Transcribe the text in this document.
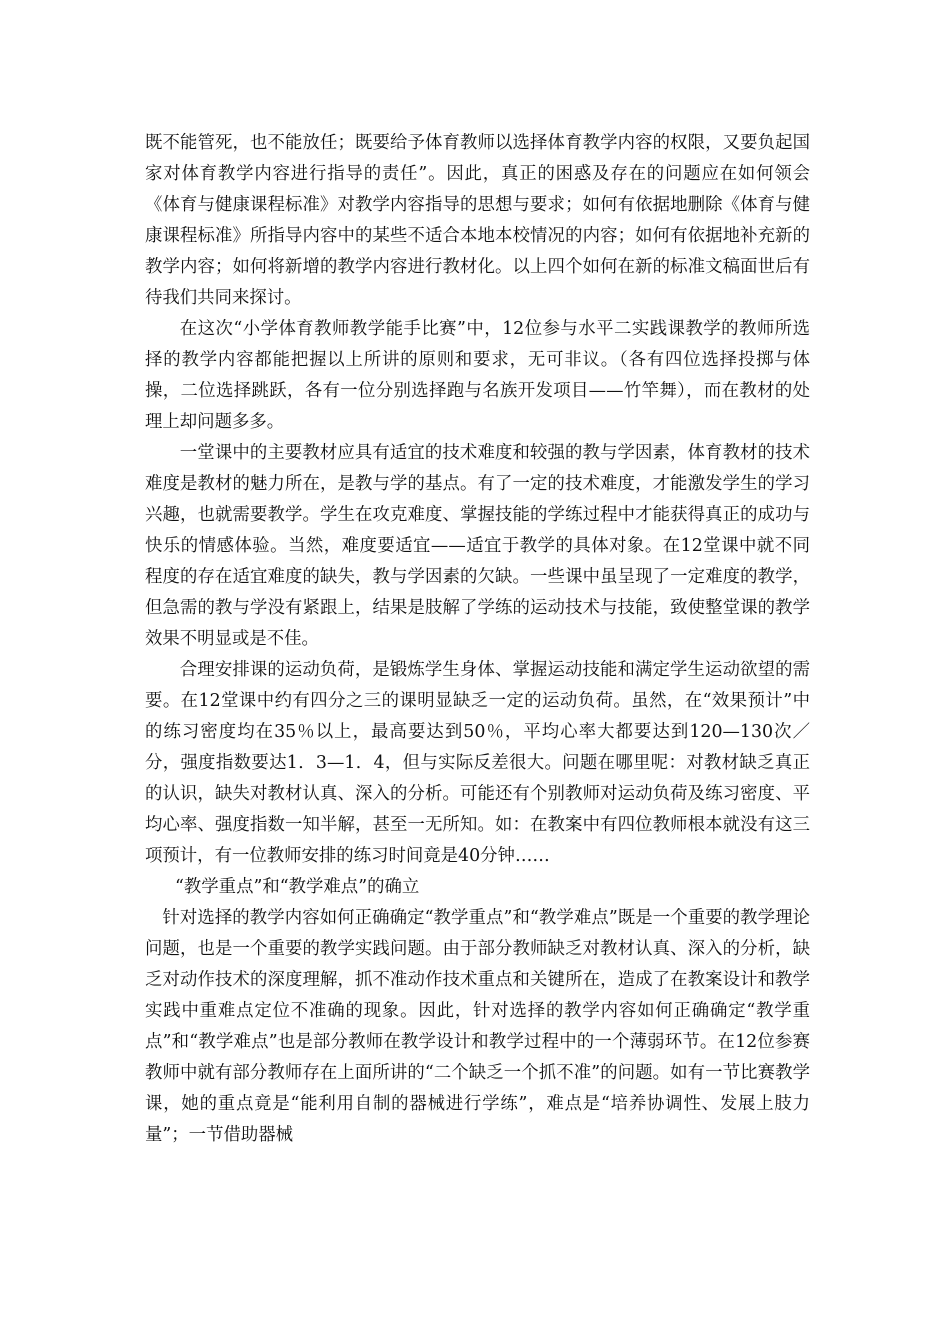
既不能管死，也不能放任；既要给予体育教师以选择体育教学内容的权限，又要负起国家对体育教学内容进行指导的责任”。因此，真正的困惑及存在的问题应在如何领会《体育与健康课程标准》对教学内容指导的思想与要求；如何有依据地删除《体育与健康课程标准》所指导内容中的某些不适合本地本校情况的内容；如何有依据地补充新的教学内容；如何将新增的教学内容进行教材化。以上四个如何在新的标准文稿面世后有待我们共同来探讨。

在这次“小学体育教师教学能手比赛”中，12位参与水平二实践课教学的教师所选择的教学内容都能把握以上所讲的原则和要求，无可非议。（各有四位选择投掷与体操，二位选择跳跃，各有一位分别选择跑与名族开发项目——竹竿舞），而在教材的处理上却问题多多。

一堂课中的主要教材应具有适宜的技术难度和较强的教与学因素，体育教材的技术难度是教材的魅力所在，是教与学的基点。有了一定的技术难度，才能激发学生的学习兴趣，也就需要教学。学生在攻克难度、掌握技能的学练过程中才能获得真正的成功与快乐的情感体验。当然，难度要适宜——适宜于教学的具体对象。在12堂课中就不同程度的存在适宜难度的缺失，教与学因素的欠缺。一些课中虽呈现了一定难度的教学，但急需的教与学没有紧跟上，结果是肢解了学练的运动技术与技能，致使整堂课的教学效果不明显或是不佳。

合理安排课的运动负荷，是锻炼学生身体、掌握运动技能和满定学生运动欲望的需要。在12堂课中约有四分之三的课明显缺乏一定的运动负荷。虽然，在“效果预计”中的练习密度均在35％以上，最高要达到50％，平均心率大都要达到120—130次／分，强度指数要达1．3—1．4，但与实际反差很大。问题在哪里呢：对教材缺乏真正的认识，缺失对教材认真、深入的分析。可能还有个别教师对运动负荷及练习密度、平均心率、强度指数一知半解，甚至一无所知。如：在教案中有四位教师根本就没有这三项预计，有一位教师安排的练习时间竟是40分钟……

“教学重点”和“教学难点”的确立

针对选择的教学内容如何正确确定“教学重点”和“教学难点”既是一个重要的教学理论问题，也是一个重要的教学实践问题。由于部分教师缺乏对教材认真、深入的分析，缺乏对动作技术的深度理解，抓不准动作技术重点和关键所在，造成了在教案设计和教学实践中重难点定位不准确的现象。因此，针对选择的教学内容如何正确确定“教学重点”和“教学难点”也是部分教师在教学设计和教学过程中的一个薄弱环节。在12位参赛教师中就有部分教师存在上面所讲的“二个缺乏一个抓不准”的问题。如有一节比赛教学课，她的重点竟是“能利用自制的器械进行学练”，难点是“培养协调性、发展上肢力量”；一节借助器械
